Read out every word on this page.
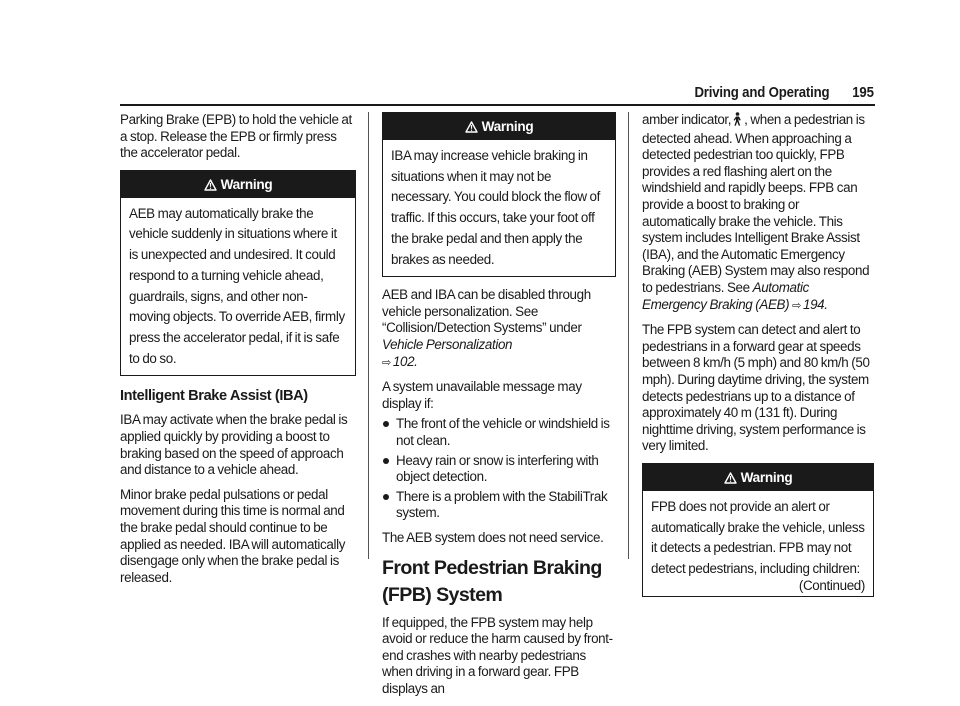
Driving and Operating 195

Parking Brake (EPB) to hold the vehicle at a stop. Release the EPB or firmly press the accelerator pedal.

Warning
AEB may automatically brake the vehicle suddenly in situations where it is unexpected and undesired. It could respond to a turning vehicle ahead, guardrails, signs, and other non-moving objects. To override AEB, firmly press the accelerator pedal, if it is safe to do so.
Intelligent Brake Assist (IBA)

IBA may activate when the brake pedal is applied quickly by providing a boost to braking based on the speed of approach and distance to a vehicle ahead.

Minor brake pedal pulsations or pedal movement during this time is normal and the brake pedal should continue to be applied as needed. IBA will automatically disengage only when the brake pedal is released.

Warning
IBA may increase vehicle braking in situations when it may not be necessary. You could block the flow of traffic. If this occurs, take your foot off the brake pedal and then apply the brakes as needed.

AEB and IBA can be disabled through vehicle personalization. See “Collision/Detection Systems” under Vehicle Personalization
⇨ 102.

A system unavailable message may display if:

The front of the vehicle or windshield is not clean.
Heavy rain or snow is interfering with object detection.
There is a problem with the StabiliTrak system.

The AEB system does not need service.

Front Pedestrian Braking (FPB) System

If equipped, the FPB system may help avoid or reduce the harm caused by front-end crashes with nearby pedestrians when driving in a forward gear. FPB displays an

amber indicator, , when a pedestrian is detected ahead. When approaching a detected pedestrian too quickly, FPB provides a red flashing alert on the windshield and rapidly beeps. FPB can provide a boost to braking or automatically brake the vehicle. This system includes Intelligent Brake Assist (IBA), and the Automatic Emergency Braking (AEB) System may also respond to pedestrians. See Automatic Emergency Braking (AEB) ⇨ 194.

The FPB system can detect and alert to pedestrians in a forward gear at speeds between 8 km/h (5 mph) and 80 km/h (50 mph). During daytime driving, the system detects pedestrians up to a distance of approximately 40 m (131 ft). During nighttime driving, system performance is very limited.

Warning
FPB does not provide an alert or automatically brake the vehicle, unless it detects a pedestrian. FPB may not detect pedestrians, including children:
(Continued)
